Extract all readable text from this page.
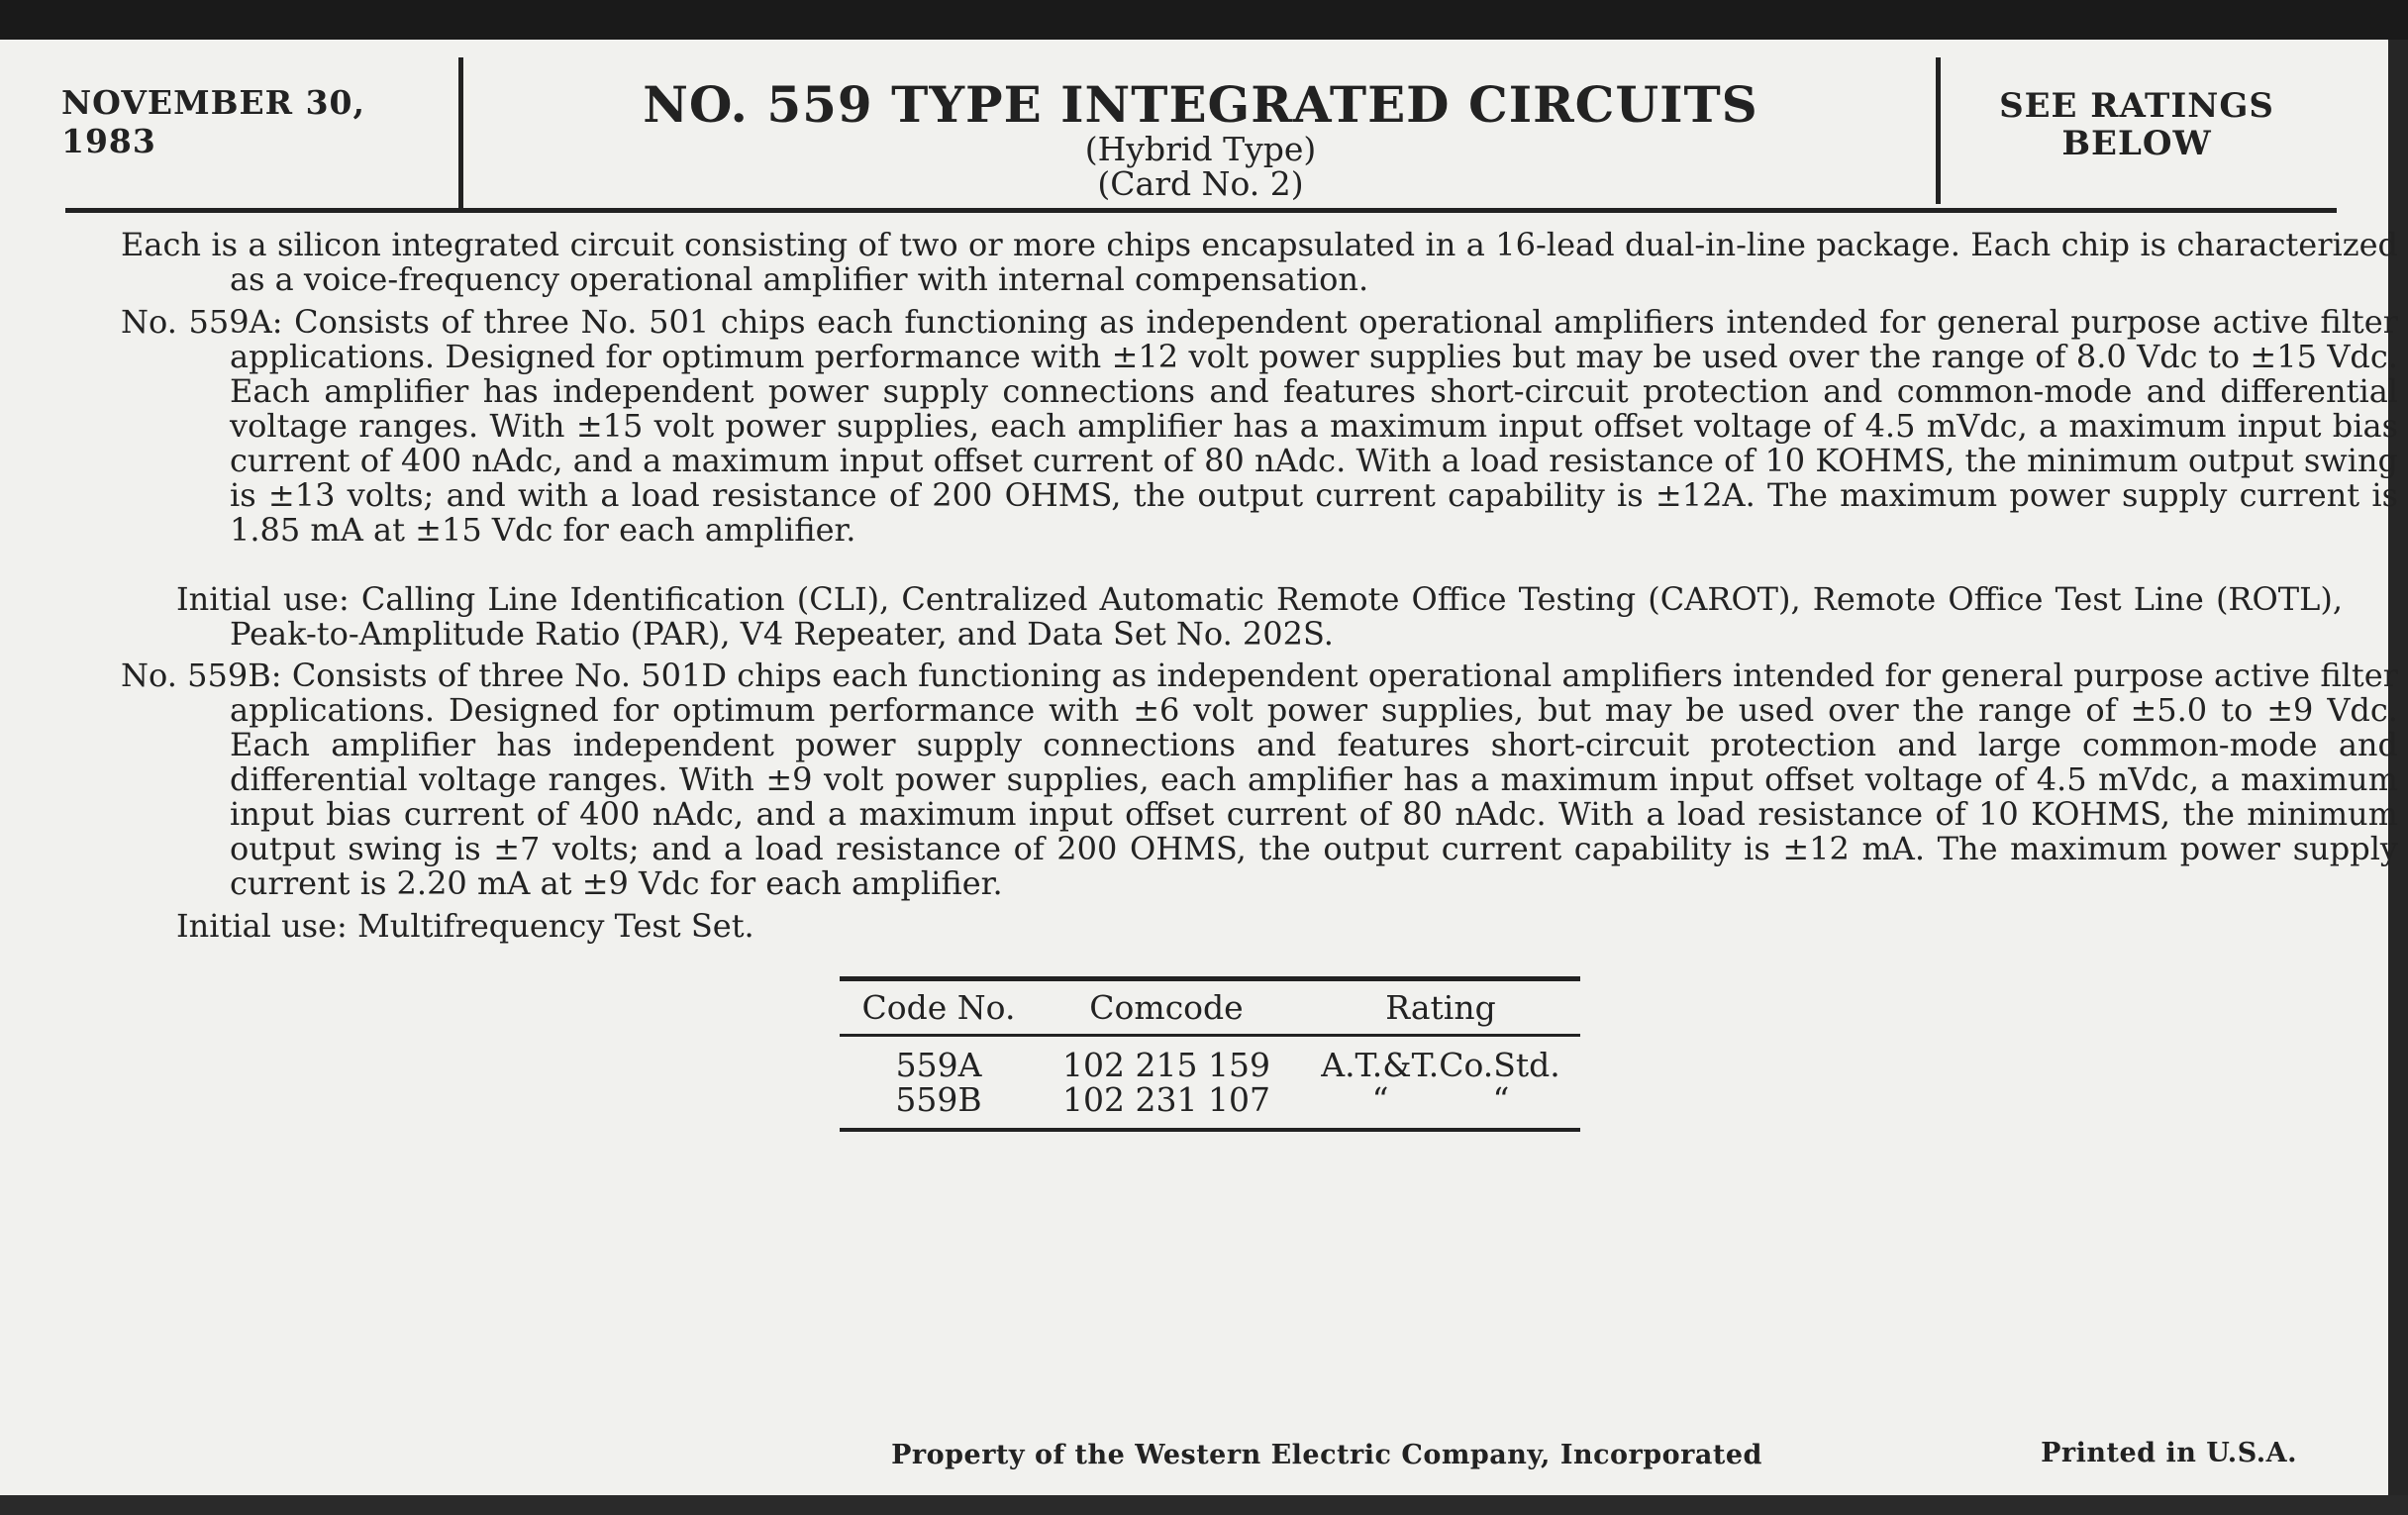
NOVEMBER 30, 1983
NO. 559 TYPE INTEGRATED CIRCUITS
(Hybrid Type)
(Card No. 2)
SEE RATINGS
BELOW
Each is a silicon integrated circuit consisting of two or more chips encapsulated in a 16-lead dual-in-line package. Each chip is characterized as a voice-frequency operational amplifier with internal compensation.
No. 559A: Consists of three No. 501 chips each functioning as independent operational amplifiers intended for general purpose active filter applications. Designed for optimum performance with ±12 volt power supplies but may be used over the range of 8.0 Vdc to ±15 Vdc. Each amplifier has independent power supply connections and features short-circuit protection and common-mode and differential voltage ranges. With ±15 volt power supplies, each amplifier has a maximum input offset voltage of 4.5 mVdc, a maximum input bias current of 400 nAdc, and a maximum input offset current of 80 nAdc. With a load resistance of 10 KOHMS, the minimum output swing is ±13 volts; and with a load resistance of 200 OHMS, the output current capability is ±12A. The maximum power supply current is 1.85 mA at ±15 Vdc for each amplifier.
Initial use: Calling Line Identification (CLI), Centralized Automatic Remote Office Testing (CAROT), Remote Office Test Line (ROTL), Peak-to-Amplitude Ratio (PAR), V4 Repeater, and Data Set No. 202S.
No. 559B: Consists of three No. 501D chips each functioning as independent operational amplifiers intended for general purpose active filter applications. Designed for optimum performance with ±6 volt power supplies, but may be used over the range of ±5.0 to ±9 Vdc. Each amplifier has independent power supply connections and features short-circuit protection and large common-mode and differential voltage ranges. With ±9 volt power supplies, each amplifier has a maximum input offset voltage of 4.5 mVdc, a maximum input bias current of 400 nAdc, and a maximum input offset current of 80 nAdc. With a load resistance of 10 KOHMS, the minimum output swing is ±7 volts; and a load resistance of 200 OHMS, the output current capability is ±12 mA. The maximum power supply current is 2.20 mA at ±9 Vdc for each amplifier.
Initial use: Multifrequency Test Set.
Code No.	Comcode	Rating
559A	102 215 159	A.T.&T.Co.Std.
559B	102 231 107	“          “
Property of the Western Electric Company, Incorporated	Printed in U.S.A.
